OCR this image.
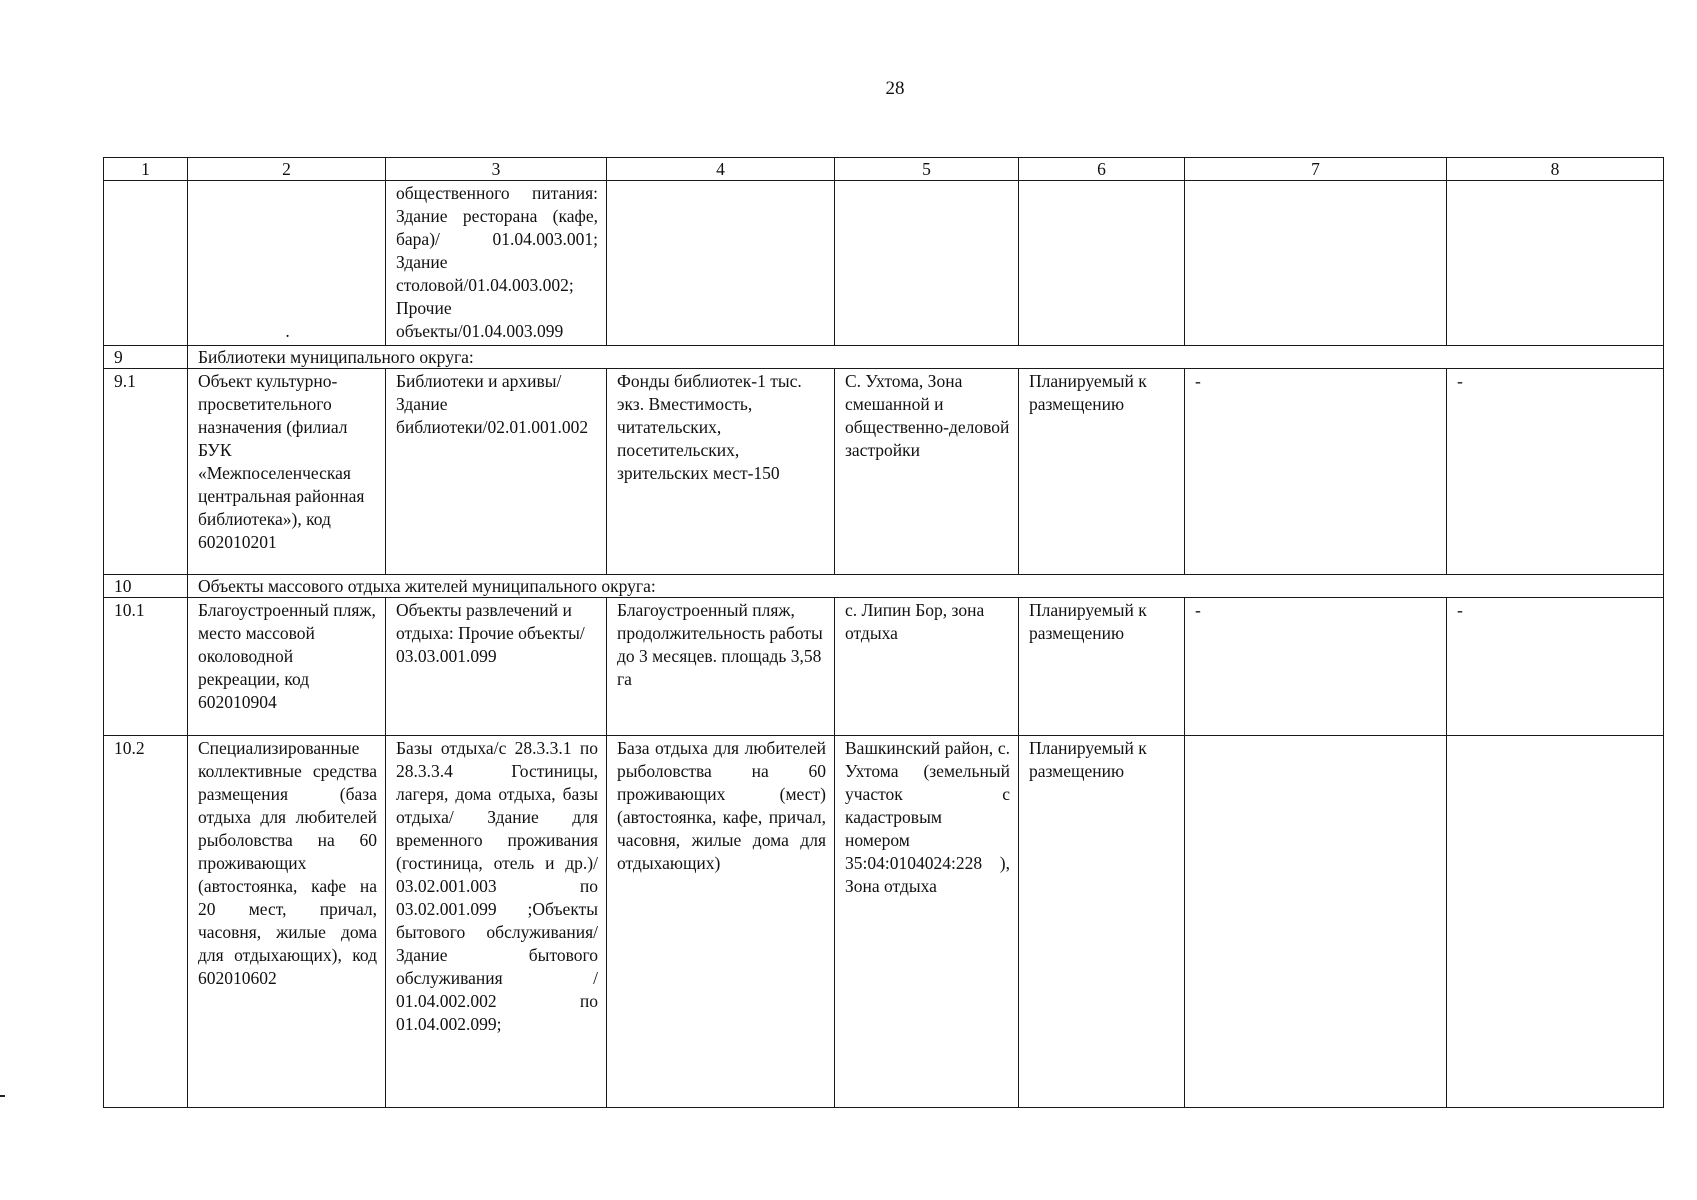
28
1	2	3	4	5	6	7	8
	.	общественного питания: Здание ресторана (кафе, бара)/ 01.04.003.001; Здание столовой/01.04.003.002; Прочие объекты/01.04.003.099					
9	Библиотеки муниципального округа:						
9.1	Объект культурно-просветительного назначения (филиал БУК «Межпоселенческая центральная районная библиотека»), код 602010201	Библиотеки и архивы/ Здание библиотеки/02.01.001.002	Фонды библиотек-1 тыс. экз. Вместимость, читательских, посетительских, зрительских мест-150	С. Ухтома, Зона смешанной и общественно-деловой застройки	Планируемый к размещению	-	-
10	Объекты массового отдыха жителей муниципального округа:						
10.1	Благоустроенный пляж, место массовой околоводной рекреации, код 602010904	Объекты развлечений и отдыха: Прочие объекты/ 03.03.001.099	Благоустроенный пляж, продолжительность работы до 3 месяцев. площадь 3,58 га	с. Липин Бор, зона отдыха	Планируемый к размещению	-	-
10.2	Специализированные коллективные средства размещения (база отдыха для любителей рыболовства на 60 проживающих (автостоянка, кафе на 20 мест, причал, часовня, жилые дома для отдыхающих), код 602010602	Базы отдыха/с 28.3.3.1 по 28.3.3.4 Гостиницы, лагеря, дома отдыха, базы отдыха/ Здание для временного проживания (гостиница, отель и др.)/ 03.02.001.003 по 03.02.001.099 ;Объекты бытового обслуживания/ Здание бытового обслуживания / 01.04.002.002 по 01.04.002.099;	База отдыха для любителей рыболовства на 60 проживающих (мест) (автостоянка, кафе, причал, часовня, жилые дома для отдыхающих)	Вашкинский район, с. Ухтома (земельный участок с кадастровым номером 35:04:0104024:228 ), Зона отдыха	Планируемый к размещению		
